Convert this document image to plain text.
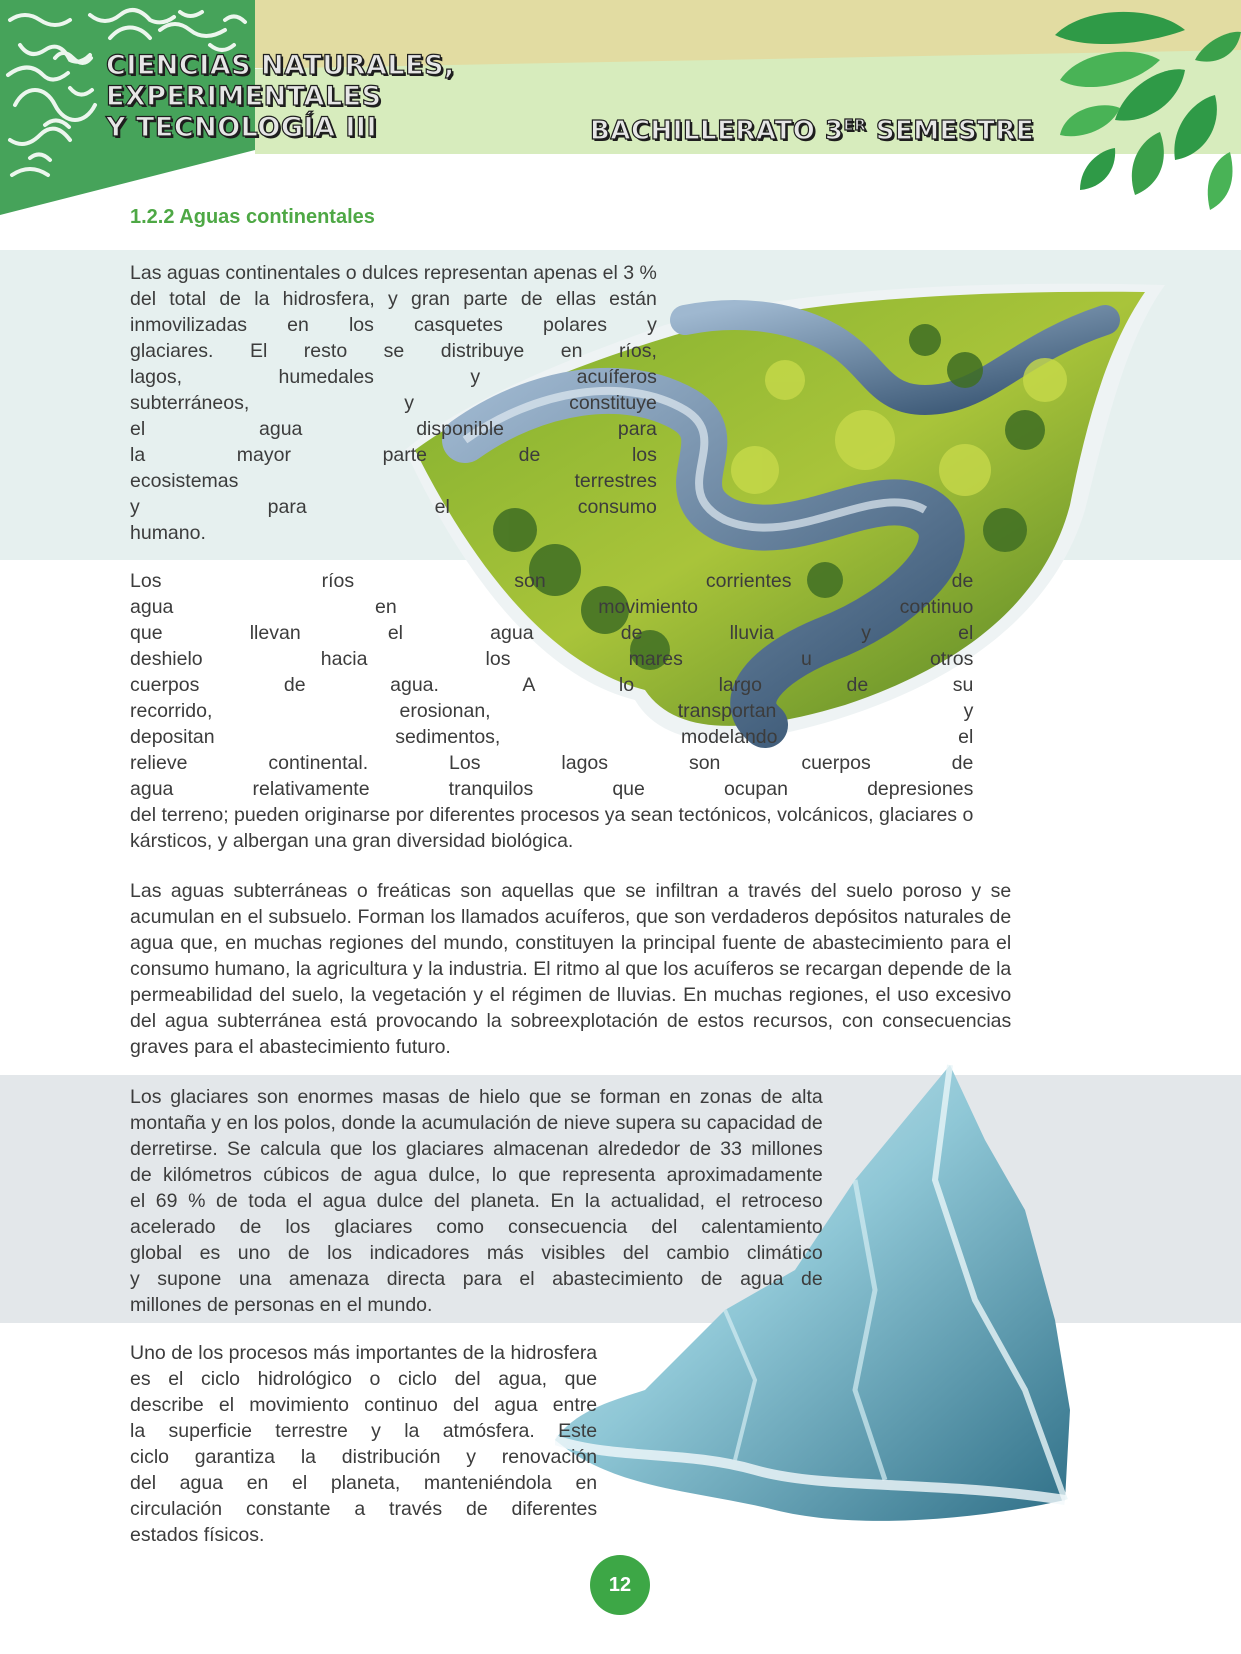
CIENCIAS NATURALES,
EXPERIMENTALES
Y TECNOLOGÍA III	BACHILLERATO 3ER SEMESTRE
1.2.2 Aguas continentales
Las aguas continentales o dulces representan apenas el 3 %
del total de la hidrosfera, y gran parte de ellas están
inmovilizadas en los casquetes polares y
glaciares. El resto se distribuye en ríos,
lagos, humedales y acuíferos
subterráneos, y constituye
el agua disponible para
la mayor parte de los
ecosistemas terrestres
y para el consumo
humano.
Los ríos son corrientes de
agua en movimiento continuo
que llevan el agua de lluvia y el
deshielo hacia los mares u otros
cuerpos de agua. A lo largo de su
recorrido, erosionan, transportan y
depositan sedimentos, modelando el
relieve continental. Los lagos son cuerpos de
agua relativamente tranquilos que ocupan depresiones
del terreno; pueden originarse por diferentes procesos ya sean tectónicos, volcánicos, glaciares o
kársticos, y albergan una gran diversidad biológica.
Las aguas subterráneas o freáticas son aquellas que se infiltran a través del suelo poroso y se
acumulan en el subsuelo. Forman los llamados acuíferos, que son verdaderos depósitos naturales de
agua que, en muchas regiones del mundo, constituyen la principal fuente de abastecimiento para el
consumo humano, la agricultura y la industria. El ritmo al que los acuíferos se recargan depende de la
permeabilidad del suelo, la vegetación y el régimen de lluvias. En muchas regiones, el uso excesivo
del agua subterránea está provocando la sobreexplotación de estos recursos, con consecuencias
graves para el abastecimiento futuro.
Los glaciares son enormes masas de hielo que se forman en zonas de alta
montaña y en los polos, donde la acumulación de nieve supera su capacidad de
derretirse. Se calcula que los glaciares almacenan alrededor de 33 millones
de kilómetros cúbicos de agua dulce, lo que representa aproximadamente
el 69 % de toda el agua dulce del planeta. En la actualidad, el retroceso
acelerado de los glaciares como consecuencia del calentamiento
global es uno de los indicadores más visibles del cambio climático
y supone una amenaza directa para el abastecimiento de agua de
millones de personas en el mundo.
Uno de los procesos más importantes de la hidrosfera
es el ciclo hidrológico o ciclo del agua, que
describe el movimiento continuo del agua entre
la superficie terrestre y la atmósfera. Este
ciclo garantiza la distribución y renovación
del agua en el planeta, manteniéndola en
circulación constante a través de diferentes
estados físicos.
12
